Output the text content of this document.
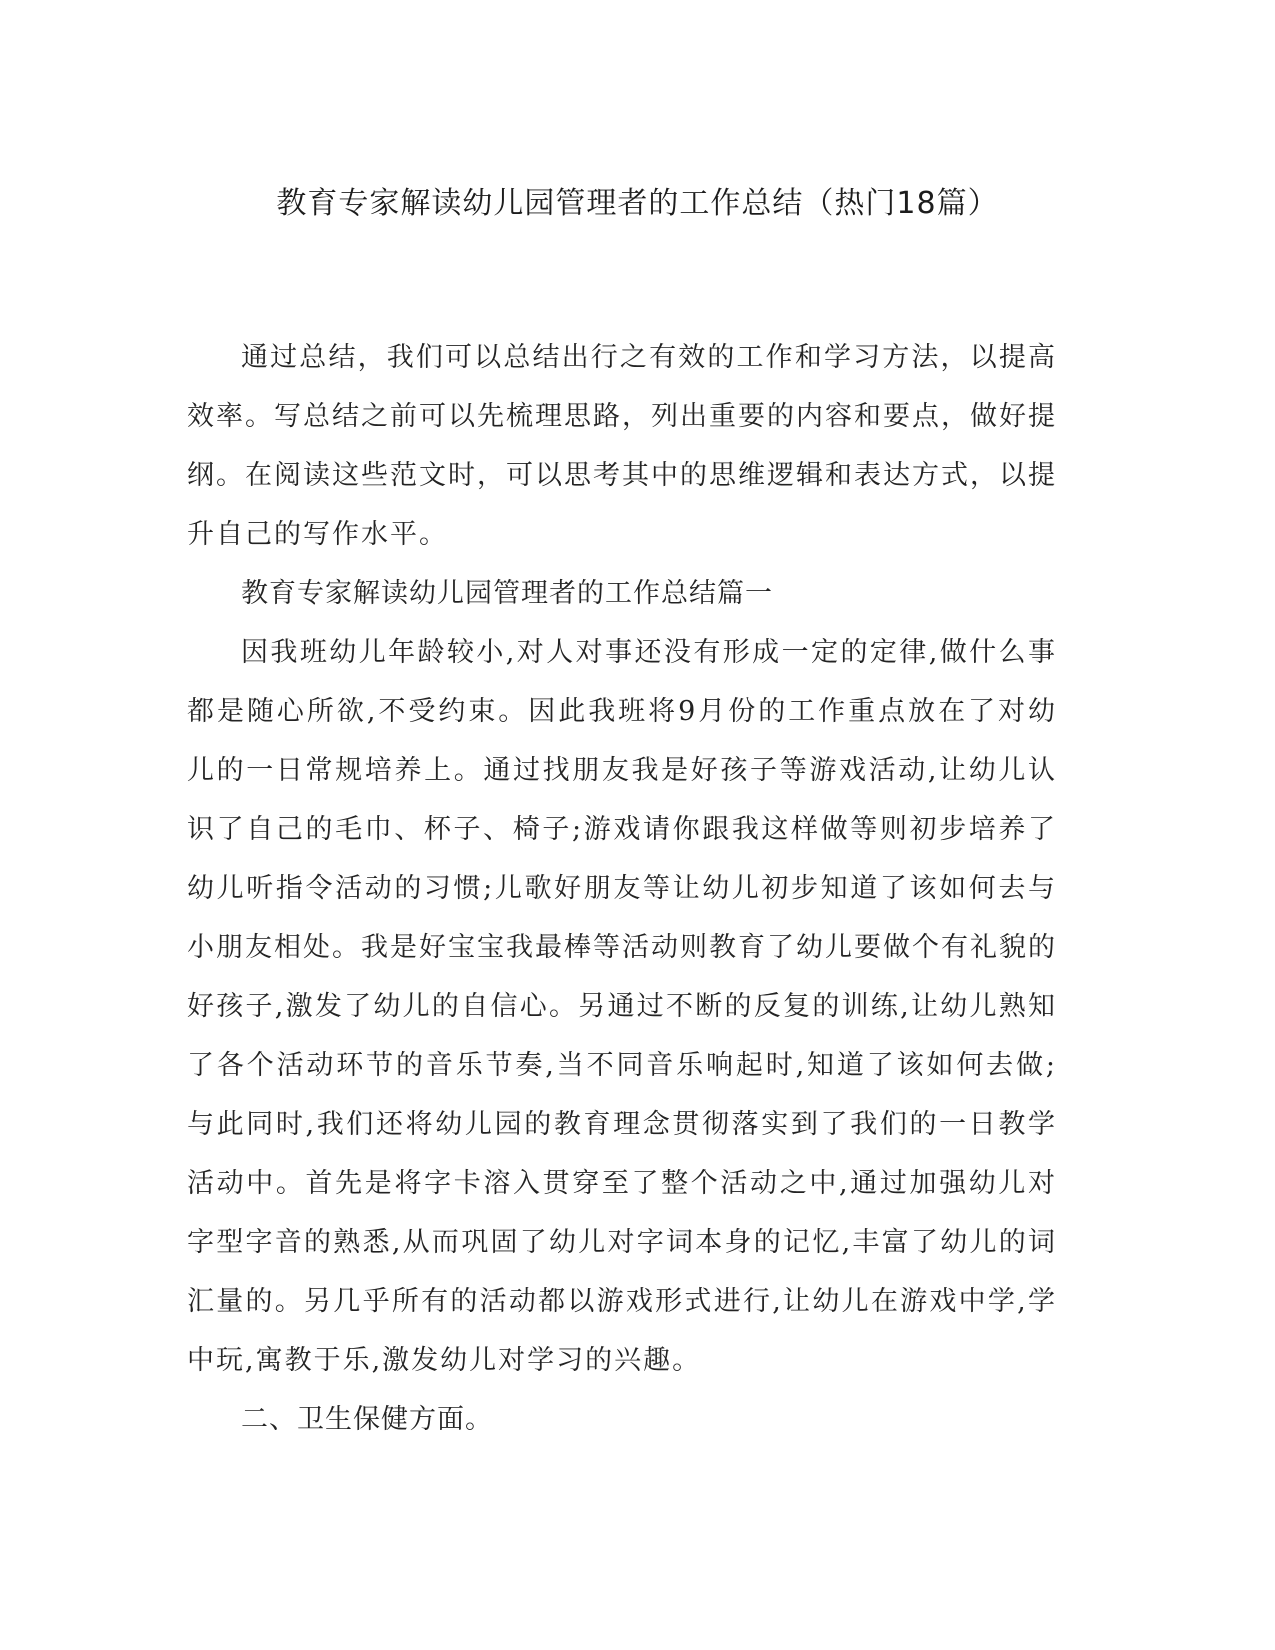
教育专家解读幼儿园管理者的工作总结（热门18篇）

通过总结，我们可以总结出行之有效的工作和学习方法，以提高效率。写总结之前可以先梳理思路，列出重要的内容和要点，做好提纲。在阅读这些范文时，可以思考其中的思维逻辑和表达方式，以提升自己的写作水平。

教育专家解读幼儿园管理者的工作总结篇一

因我班幼儿年龄较小,对人对事还没有形成一定的定律,做什么事都是随心所欲,不受约束。因此我班将9月份的工作重点放在了对幼儿的一日常规培养上。通过找朋友我是好孩子等游戏活动,让幼儿认识了自己的毛巾、杯子、椅子;游戏请你跟我这样做等则初步培养了幼儿听指令活动的习惯;儿歌好朋友等让幼儿初步知道了该如何去与小朋友相处。我是好宝宝我最棒等活动则教育了幼儿要做个有礼貌的好孩子,激发了幼儿的自信心。另通过不断的反复的训练,让幼儿熟知了各个活动环节的音乐节奏,当不同音乐响起时,知道了该如何去做;与此同时,我们还将幼儿园的教育理念贯彻落实到了我们的一日教学活动中。首先是将字卡溶入贯穿至了整个活动之中,通过加强幼儿对字型字音的熟悉,从而巩固了幼儿对字词本身的记忆,丰富了幼儿的词汇量的。另几乎所有的活动都以游戏形式进行,让幼儿在游戏中学,学中玩,寓教于乐,激发幼儿对学习的兴趣。

二、卫生保健方面。
